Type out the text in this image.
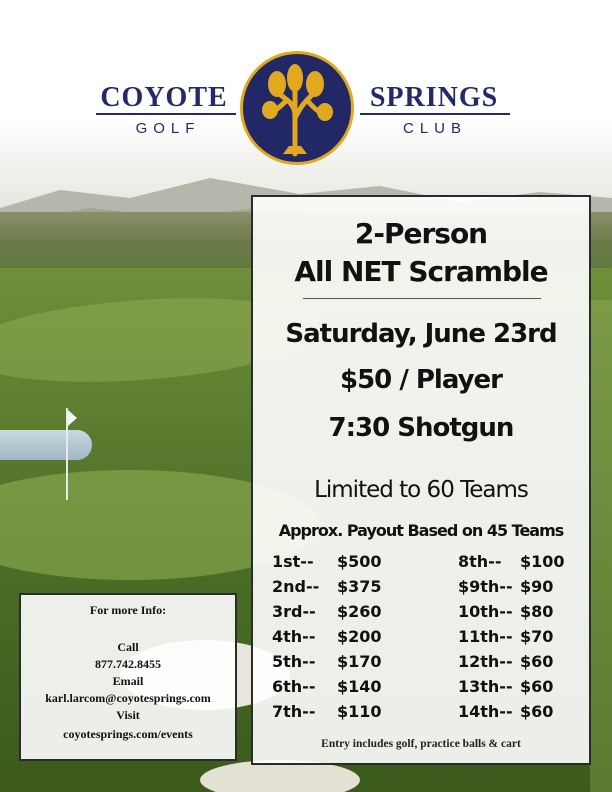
COYOTE
GOLF
SPRINGS
CLUB
2-Person
All NET Scramble
Saturday, June 23rd
$50 / Player
7:30 Shotgun
Limited to 60 Teams
Approx. Payout Based on 45 Teams
1st-- $500
2nd-- $375
3rd-- $260
4th-- $200
5th-- $170
6th-- $140
7th-- $110
8th-- $100
$9th-- $90
10th-- $80
11th-- $70
12th-- $60
13th-- $60
14th-- $60
Entry includes golf, practice balls & cart
For more Info:
Call
877.742.8455
Email
karl.larcom@coyotesprings.com
Visit
coyotesprings.com/events
